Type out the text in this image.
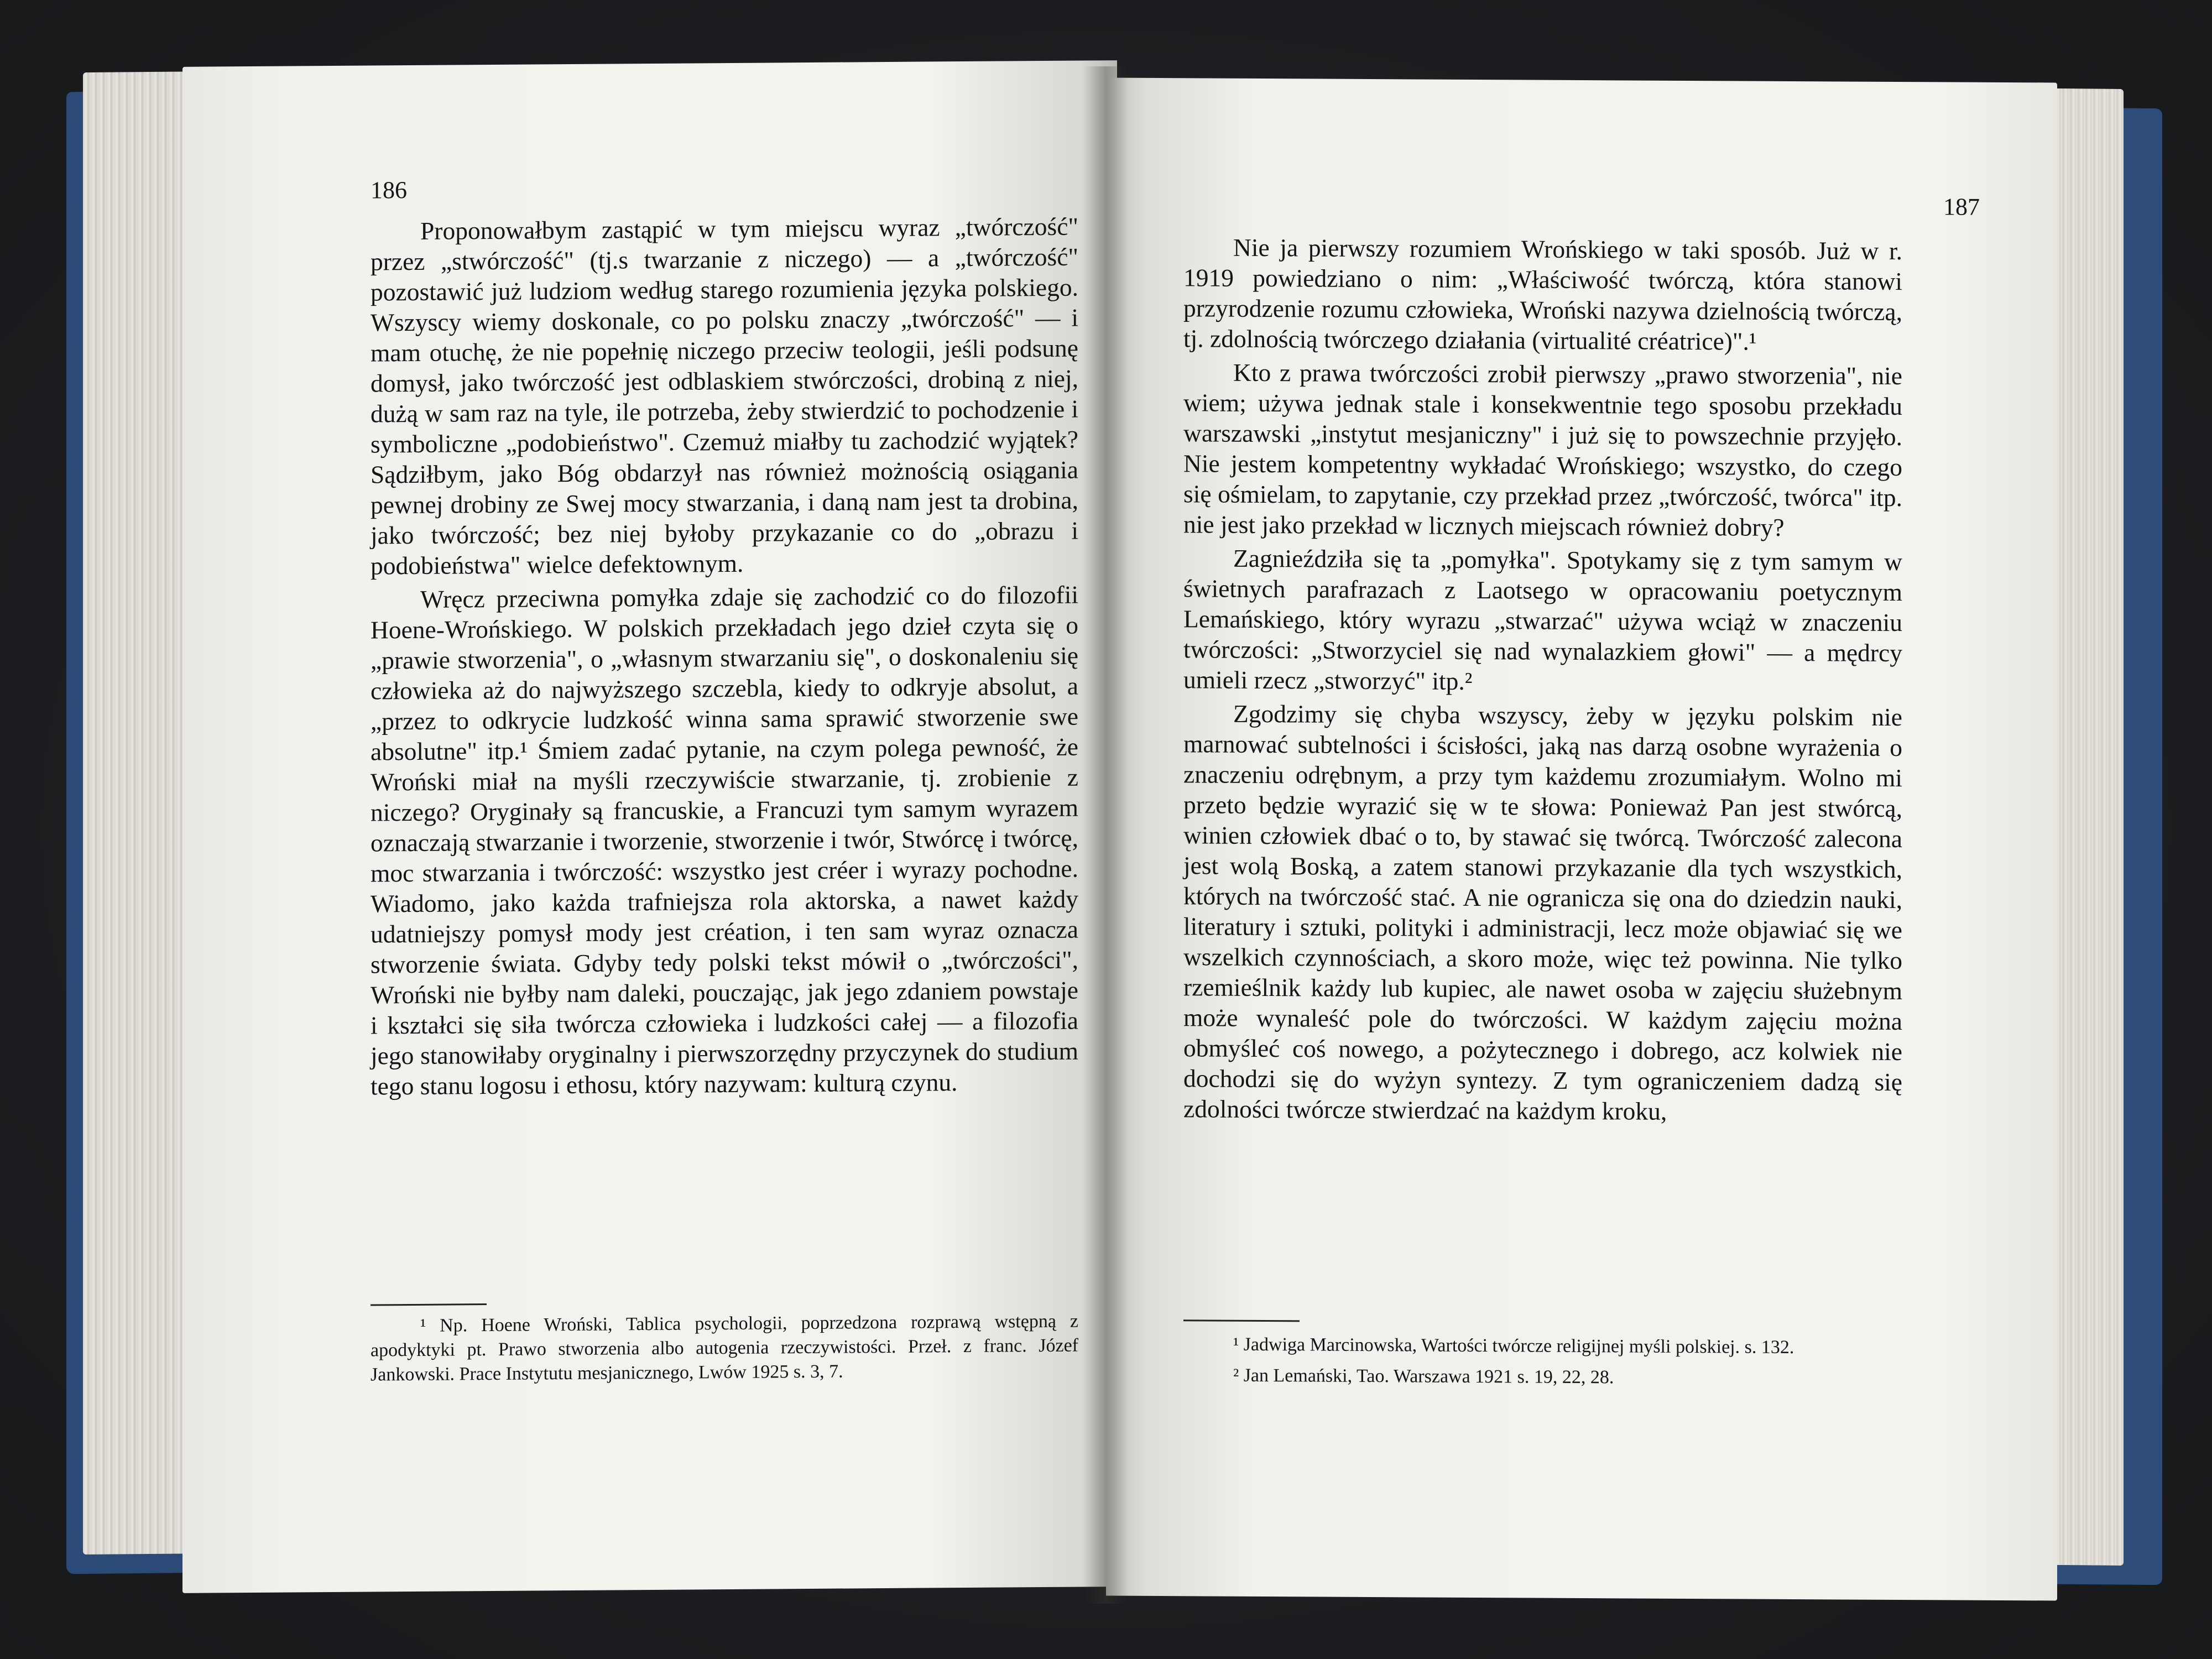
186

Proponowałbym zastąpić w tym miejscu wyraz „twórczość" przez „stwórczość" (tj.s twarzanie z niczego) — a „twórczość" pozostawić już ludziom według starego rozumienia języka polskiego. Wszyscy wiemy doskonale, co po polsku znaczy „twórczość" — i mam otuchę, że nie popełnię niczego przeciw teologii, jeśli podsunę domysł, jako twórczość jest odblaskiem stwórczości, drobiną z niej, dużą w sam raz na tyle, ile potrzeba, żeby stwierdzić to pochodzenie i symboliczne „podobieństwo". Czemuż miałby tu zachodzić wyjątek? Sądziłbym, jako Bóg obdarzył nas również możnością osiągania pewnej drobiny ze Swej mocy stwarzania, i daną nam jest ta drobina, jako twórczość; bez niej byłoby przykazanie co do „obrazu i podobieństwa" wielce defektownym.

Wręcz przeciwna pomyłka zdaje się zachodzić co do filozofii Hoene-Wrońskiego. W polskich przekładach jego dzieł czyta się o „prawie stworzenia", o „własnym stwarzaniu się", o doskonaleniu się człowieka aż do najwyższego szczebla, kiedy to odkryje absolut, a „przez to odkrycie ludzkość winna sama sprawić stworzenie swe absolutne" itp.¹ Śmiem zadać pytanie, na czym polega pewność, że Wroński miał na myśli rzeczywiście stwarzanie, tj. zrobienie z niczego? Oryginały są francuskie, a Francuzi tym samym wyrazem oznaczają stwarzanie i tworzenie, stworzenie i twór, Stwórcę i twórcę, moc stwarzania i twórczość: wszystko jest créer i wyrazy pochodne. Wiadomo, jako każda trafniejsza rola aktorska, a nawet każdy udatniejszy pomysł mody jest création, i ten sam wyraz oznacza stworzenie świata. Gdyby tedy polski tekst mówił o „twórczości", Wroński nie byłby nam daleki, pouczając, jak jego zdaniem powstaje i kształci się siła twórcza człowieka i ludzkości całej — a filozofia jego stanowiłaby oryginalny i pierwszorzędny przyczynek do studium tego stanu logosu i ethosu, który nazywam: kulturą czynu.

¹ Np. Hoene Wroński, Tablica psychologii, poprzedzona rozprawą wstępną z apodyktyki pt. Prawo stworzenia albo autogenia rzeczywistości. Przeł. z franc. Józef Jankowski. Prace Instytutu mesjanicznego, Lwów 1925 s. 3, 7.

187

Nie ja pierwszy rozumiem Wrońskiego w taki sposób. Już w r. 1919 powiedziano o nim: „Właściwość twórczą, która stanowi przyrodzenie rozumu człowieka, Wroński nazywa dzielnością twórczą, tj. zdolnością twórczego działania (virtualité créatrice)".¹

Kto z prawa twórczości zrobił pierwszy „prawo stworzenia", nie wiem; używa jednak stale i konsekwentnie tego sposobu przekładu warszawski „instytut mesjaniczny" i już się to powszechnie przyjęło. Nie jestem kompetentny wykładać Wrońskiego; wszystko, do czego się ośmielam, to zapytanie, czy przekład przez „twórczość, twórca" itp. nie jest jako przekład w licznych miejscach również dobry?

Zagnieździła się ta „pomyłka". Spotykamy się z tym samym w świetnych parafrazach z Laotsego w opracowaniu poetycznym Lemańskiego, który wyrazu „stwarzać" używa wciąż w znaczeniu twórczości: „Stworzyciel się nad wynalazkiem głowi" — a mędrcy umieli rzecz „stworzyć" itp.²

Zgodzimy się chyba wszyscy, żeby w języku polskim nie marnować subtelności i ścisłości, jaką nas darzą osobne wyrażenia o znaczeniu odrębnym, a przy tym każdemu zrozumiałym. Wolno mi przeto będzie wyrazić się w te słowa: Ponieważ Pan jest stwórcą, winien człowiek dbać o to, by stawać się twórcą. Twórczość zalecona jest wolą Boską, a zatem stanowi przykazanie dla tych wszystkich, których na twórczość stać. A nie ogranicza się ona do dziedzin nauki, literatury i sztuki, polityki i administracji, lecz może objawiać się we wszelkich czynnościach, a skoro może, więc też powinna. Nie tylko rzemieślnik każdy lub kupiec, ale nawet osoba w zajęciu służebnym może wynaleść pole do twórczości. W każdym zajęciu można obmyśleć coś nowego, a pożytecznego i dobrego, acz kolwiek nie dochodzi się do wyżyn syntezy. Z tym ograniczeniem dadzą się zdolności twórcze stwierdzać na każdym kroku,

¹ Jadwiga Marcinowska, Wartości twórcze religijnej myśli polskiej. s. 132.

² Jan Lemański, Tao. Warszawa 1921 s. 19, 22, 28.
